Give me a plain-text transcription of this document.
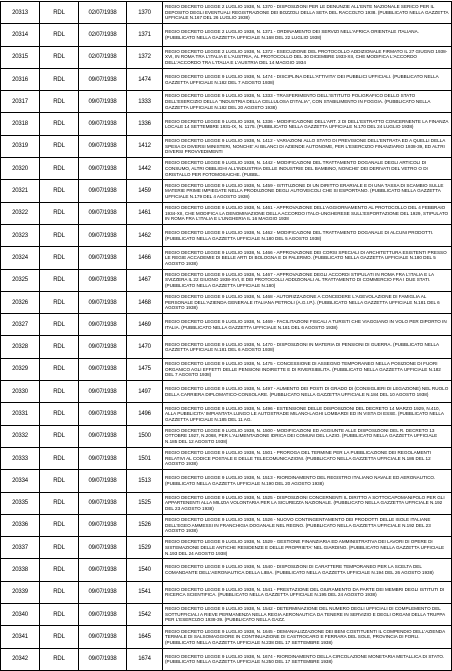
20313	RDL	02/07/1938	1370	REGIO DECRETO LEGGE 2 LUGLIO 1938, N. 1370 - DISPOSIZIONI PER LE DENUNZIE ALL'ENTE NAZIONALE SERICO PER IL DEPOSITO DEGLI EVENTUALI REGISTRAZIONE DEI BOZZOLI DELLA SETA DEL RACCOLTO 1938. (PUBBLICATO NELLA GAZZETTA UFFICIALE N.167 DEL 26 LUGLIO 1938)
20314	RDL	02/07/1938	1371	REGIO DECRETO LEGGE 2 LUGLIO 1938, N. 1371 - ORDINAMENTO DEI SERVIZI NELL'AFRICA ORIENTALE ITALIANA. (PUBBLICATO NELLA GAZZETTA UFFICIALE N.168 DEL 22 LUGLIO 1938)
20315	RDL	02/07/1938	1372	REGIO DECRETO LEGGE 2 LUGLIO 1938, N. 1372 - ESECUZIONE DEL PROTOCOLLO ADDIZIONALE FIRMATO IL 27 GIUGNO 1938-XVI, IN ROMA TRA L'ITALIA E L'AUSTRIA, AL PROTOCOLLO DEL 30 DICEMBRE 1933-XII, CHE MODIFICA L'ACCORDO DELL'ACCORDO TRA L'ITALIA E L'AUSTRIA DEL 14 MAGGIO 1934
20316	RDL	09/07/1938	1474	REGIO DECRETO LEGGE 9 LUGLIO 1938, N. 1474 - DISCIPLINA DELL'ATTIVITA' DEI PUBBLICI UFFICIALI. (PUBBLICATO NELLA GAZZETTA UFFICIALE N.182 DEL 7 AGOSTO 1938)
20317	RDL	09/07/1938	1333	REGIO DECRETO LEGGE 9 LUGLIO 1938, N. 1333 - TRASFERIMENTO DELL'ISTITUTO POLIGRAFICO DELLO STATO DELL'ESERCIZIO DELLA "INDUSTRIA DELLA CELLULOSA D'ITALIA", CON STABILIMENTO IN FOGGIA. (PUBBLICATO NELLA GAZZETTA UFFICIALE N.182 DEL 20 AGOSTO 1938)
20318	RDL	09/07/1938	1336	REGIO DECRETO LEGGE 9 LUGLIO 1938, N. 1336 - MODIFICAZIONE DELL'ART. 2 DI DELL'ESTRATTO CONCERNENTE LA FINANZA LOCALE 14 SETTEMBRE 1931-IX, N. 1175. (PUBBLICATO NELLA GAZZETTA UFFICIALE N.170 DEL 24 LUGLIO 1938)
20319	RDL	09/07/1938	1412	REGIO DECRETO LEGGE 9 LUGLIO 1938, N. 1412 - VARIAZIONI ALLO STATO DI PREVISIONE DELL'ENTRATA ED A QUELLI DELLA SPESA DI DIVERSI MINISTERI, NONCHE' AI BILANCI DI AZIENDE AUTONOME, PER L'ESERCIZIO FINANZIARIO 1938-39, ED ALTRI DIVERSI PROVVEDIMENTI
20320	RDL	09/07/1938	1442	REGIO DECRETO LEGGE 9 LUGLIO 1938, N. 1442 - MODIFICAZIONI DEL TRATTAMENTO DOGANALE DEGLI ARTICOLI DI CONSUMO, ALTRI OBBLIGHI ALL'INDUSTRIA DELLE INDUSTRIE DEL BAMBINO, NONCHE' DEI DERIVATI DEL VETRO O DI GRISTALLO PER FOTOMOSAICHE. (PUBBL.
20321	RDL	09/07/1938	1459	REGIO DECRETO LEGGE 9 LUGLIO 1938, N. 1459 - ISTITUZIONE DI UN DIRITTO ERARIALE E DI UNA TASSA DI SCAMBIO SULLE MATERIE PRIME IMPIEGATE NELLA PRODUZIONE DEGLI AUTOVEICOLI CHE SI ESPORTANO. (PUBBLICATO NELLA GAZZETTA UFFICIALE N.179 DEL 4 AGOSTO 1938)
20322	RDL	09/07/1938	1461	REGIO DECRETO LEGGE 9 LUGLIO 1938, N. 1461 - APPROVAZIONE DELL'AGGIORNAMENTO AL PROTOCOLLO DEL 4 FEBBRAIO 1934-XII, CHE MODIFICA LA DENOMINAZIONE DELLA ACCORDO ITALO-UNGHERESE SULL'ESPORTAZIONE DEL 1929, STIPULATO IN ROMA FRA L'ITALIA E L'UNGHERIA IL 16 MAGGIO 1938
20323	RDL	09/07/1938	1462	REGIO DECRETO LEGGE 9 LUGLIO 1938, N. 1462 - MODIFICAZIONI DEL TRATTAMENTO DOGANALE DI ALCUNI PRODOTTI. (PUBBLICATO NELLA GAZZETTA UFFICIALE N.180 DEL 5 AGOSTO 1938)
20324	RDL	09/07/1938	1466	REGIO DECRETO LEGGE 9 LUGLIO 1938, N. 1466 - APPROVAZIONE DEI CORSI SPECIALI DI ARCHITETTURA ESISTENTI PRESSO LE REGIE ACCADEMIE DI BELLE ARTI DI BOLOGNA E DI PALERMO. (PUBBLICATO NELLA GAZZETTA UFFICIALE N.180 DEL 5 AGOSTO 1938)
20325	RDL	09/07/1938	1467	REGIO DECRETO LEGGE 9 LUGLIO 1938, N. 1467 - APPROVAZIONE DEGLI ACCORDI STIPULATI IN ROMA FRA L'ITALIA E LA SVIZZERA IL 22 GIUGNO 1938-XVI, E DEI PROTOCOLLI ADDIZIONALI AL TRATTAMENTO DI COMMERCIO FRA I DUE STATI. (PUBBLICATO NELLA GAZZETTA UFFICIALE N.180)
20326	RDL	09/07/1938	1468	REGIO DECRETO LEGGE 9 LUGLIO 1938, N. 1468 - AUTORIZZAZIONE A CONCEDERE L'AGEVOLAZIONE DI FAMIGLIA AL PERSONALE DELL'AZIENDA GENERALE ITALIANA PETROLI (A.G.I.P.). (PUBBLICATO NELLA GAZZETTA UFFICIALE N.181 DEL 6 AGOSTO 1938)
20327	RDL	09/07/1938	1469	REGIO DECRETO LEGGE 9 LUGLIO 1938, N. 1469 - FACILITAZIONI FISCALI A TURISTI CHE VIAGGIANO IN VOLO PER DIPORTO IN ITALIA. (PUBBLICATO NELLA GAZZETTA UFFICIALE N.181 DEL 6 AGOSTO 1938)
20328	RDL	09/07/1938	1470	REGIO DECRETO LEGGE 9 LUGLIO 1938, N. 1470 - DISPOSIZIONI IN MATERIA DI PENSIONI DI GUERRA. (PUBBLICATO NELLA GAZZETTA UFFICIALE N.181 DEL 6 AGOSTO 1938)
20329	RDL	09/07/1938	1475	REGIO DECRETO LEGGE 9 LUGLIO 1938, N. 1475 - CONCESSIONE DI ASSEGNO TEMPORANEO NELLA POSIZIONE DI FUORI ORGANICO AGLI EFFETTI DELLE PENSIONI INDIRETTE E DI RIVERSIBILITA. (PUBBLICATO NELLA GAZZETTA UFFICIALE N.182 DEL 7 AGOSTO 1938)
20330	RDL	09/07/1938	1497	REGIO DECRETO LEGGE 9 LUGLIO 1938, N. 1497 - AUMENTO DEI POSTI DI GRADO DI (CONSIGLIERI DI LEGAZIONE) NEL RUOLO DELLA CARRIERA DIPLOMATICO-CONSOLARE. (PUBBLICATO NELLA GAZZETTA UFFICIALE N.184 DEL 10 AGOSTO 1938)
20331	RDL	09/07/1938	1496	REGIO DECRETO LEGGE 9 LUGLIO 1938, N. 1496 - ESTENSIONE DELLE DISPOSIZIONI DEL DECRETO 14 MARZO 1929, N.410, ALLA PUBBLICITA' IMPIANTATA LUNGO LE AUTOSTRADE MILANO-LAGHI LOMBARDI ED IN VISTA DI ESSE. (PUBBLICATO NELLA GAZZETTA UFFICIALE N.185 DEL 11 AG.
20332	RDL	09/07/1938	1500	REGIO DECRETO LEGGE 9 LUGLIO 1938, N. 1500 - MODIFICAZIONI ED AGGIUNTE ALLE DISPOSIZIONI DEL R. DECRETO 13 OTTOBRE 1927, N.2068, PER L'ALIMENTAZIONE IDRICA DEI COMUNI DEL LAZIO. (PUBBLICATO NELLA GAZZETTA UFFICIALE N.185 DEL 12 AGOSTO 1938)
20333	RDL	09/07/1938	1501	REGIO DECRETO LEGGE 9 LUGLIO 1938, N. 1501 - PROROGA DEL TERMINE PER LA PUBBLICAZIONE DEI REGOLAMENTI RELATIVI AL CODICE POSTALE E DELLE TELECOMUNICAZIONI. (PUBBLICATO NELLA GAZZETTA UFFICIALE N.186 DEL 12 AGOSTO 1938)
20334	RDL	09/07/1938	1513	REGIO DECRETO LEGGE 9 LUGLIO 1938, N. 1513 - RIORDINAMENTO DEL REGISTRO ITALIANO NAVALE ED AERONAUTICO. (PUBBLICATO NELLA GAZZETTA UFFICIALE N.190 DEL 20 AGOSTO 1938)
20335	RDL	09/07/1938	1525	REGIO DECRETO LEGGE 9 LUGLIO 1938, N. 1525 - DISPOSIZIONI CONCERNENTI IL DIRITTO A SOTTOCAPOMANIPOLO PER GLI APPARTENENTI ALLA MILIZIA VOLONTARIA PER LA SICUREZZA NAZIONALE. (PUBBLICATO NELLA GAZZETTA UFFICIALE N.192 DEL 23 AGOSTO 1938)
20336	RDL	09/07/1938	1526	REGIO DECRETO LEGGE 9 LUGLIO 1938, N. 1526 - NUOVO CONTINGENTAMENTO DEI PRODOTTI DELLE ISOLE ITALIANE DELL'EGEO AMMESSI IN FRANCHIGIA DOGANALE NEL REGNO. (PUBBLICATO NELLA GAZZETTA UFFICIALE N.192 DEL 23 AGOSTO 1938)
20337	RDL	09/07/1938	1529	REGIO DECRETO LEGGE 9 LUGLIO 1938, N. 1529 - GESTIONE FINANZIARIA ED AMMINISTRATIVA DEI LAVORI DI OPERE DI SISTEMAZIONE DELLE ANTICHE RESIDENZE E DELLE PROPRIETA' NEL GIARDINO. (PUBBLICATO NELLA GAZZETTA UFFICIALE N.193 DEL 24 AGOSTO 1938)
20338	RDL	09/07/1938	1540	REGIO DECRETO LEGGE 9 LUGLIO 1938, N. 1540 - DISPOSIZIONI DI CARATTERE TEMPORANEO PER LA SCELTA DEL COMANDANTE DELL'AERONAUTICA DELLA LIBIA. (PUBBLICATO NELLA GAZZETTA UFFICIALE N.194 DEL 26 AGOSTO 1938)
20339	RDL	09/07/1938	1541	REGIO DECRETO LEGGE 9 LUGLIO 1938, N. 1541 - PRESTAZIONE DEL GIURAMENTO DA PARTE DEI MEMBRI DEGLI ISTITUTI DI RICERCA SCIENTIFICA. (PUBBLICATO NELLA GAZZETTA UFFICIALE N.195 DEL 24 AGOSTO 1938)
20340	RDL	09/07/1938	1542	REGIO DECRETO LEGGE 9 LUGLIO 1938, N. 1542 - DETERMINAZIONE DEL NUMERO DEGLI UFFICIALI DI COMPLEMENTO DEL SOTTUFFICIALI A RIEVE PERMANENZA NELLA REGIA AERONAUTICA DA TENERE IN SERVIZIO E DEGLI ORGANI DELLA TRUPPA PER L'ESERCIZIO 1938-39. (PUBBLICATO NELLA GAZZ.
20341	RDL	09/07/1938	1645	REGIO DECRETO LEGGE 9 LUGLIO 1938, N. 1645 - DEMANIALIZZAZIONE DEI BENI COSTITUENTI IL COMPENDIO DELL'AZIENDA TERMALE DI SALSOMAGGIORE IN CONTINUAZIONE DI CASTROCARO E FERRARA DEL SOLE, PROVINCIA DI FORLI. (PUBBLICATO NELLA GAZZETTA UFFICIALE N.238 DEL 17 SETTEMBRE 1938)
20342	RDL	09/07/1938	1674	REGIO DECRETO LEGGE 9 LUGLIO 1938, N. 1674 - RIORDINAMENTO DELLA CIRCOLAZIONE MONETARIA METALLICA DI STATO. (PUBBLICATO NELLA GAZZETTA UFFICIALE N.250 DEL 17 SETTEMBRE 1938)
